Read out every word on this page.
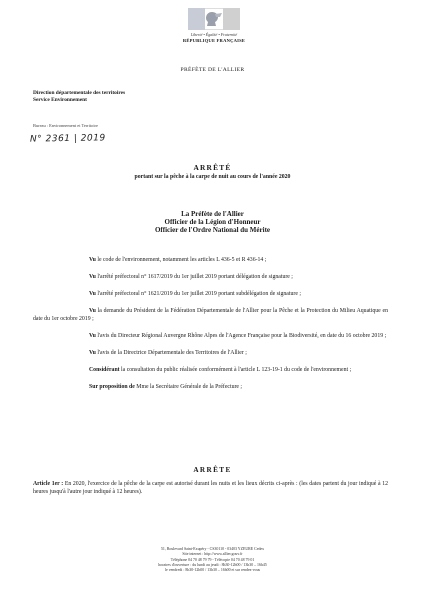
Liberté • Égalité • Fraternité
RÉPUBLIQUE FRANÇAISE
PRÉFÈTE DE L'ALLIER
Direction départementale des territoires
Service Environnement
Bureau : Environnement et Territoire
N° 2361 | 2019
ARRÊTÉ
portant sur la pêche à la carpe de nuit au cours de l'année 2020
La Préfète de l'Allier
Officier de la Légion d'Honneur
Officier de l'Ordre National du Mérite

Vu le code de l'environnement, notamment les articles L 436-5 et R 436-14 ;

Vu l'arrêté préfectoral n° 1617/2019 du 1er juillet 2019 portant délégation de signature ;

Vu l'arrêté préfectoral n° 1621/2019 du 1er juillet 2019 portant subdélégation de signature ;

Vu la demande du Président de la Fédération Départementale de l'Allier pour la Pêche et la Protection du Milieu Aquatique en date du 1er octobre 2019 ;

Vu l'avis du Directeur Régional Auvergne Rhône Alpes de l'Agence Française pour la Biodiversité, en date du 16 octobre 2019 ;

Vu l'avis de la Directrice Départementale des Territoires de l'Allier ;

Considérant la consultation du public réalisée conformément à l'article L 123-19-1 du code de l'environnement ;

Sur proposition de Mme la Secrétaire Générale de la Préfecture ;

ARRÊTE
Article 1er : En 2020, l'exercice de la pêche de la carpe est autorisé durant les nuits et les lieux décrits ci-après : (les dates partent du jour indiqué à 12 heures jusqu'à l'autre jour indiqué à 12 heures).
51, Boulevard Saint-Exupéry - CS30110 - 03403 YZEURE Cedex
Site internet : http://www.allier.gouv.fr
Téléphone 04 70 48 79 79 - Télécopie 04 70 48 79 01
horaires d'ouverture : du lundi au jeudi : 8h30-12h00 / 13h30 – 16h45
le vendredi : 8h30-12h00 / 13h30 – 16h00 et sur rendez-vous
